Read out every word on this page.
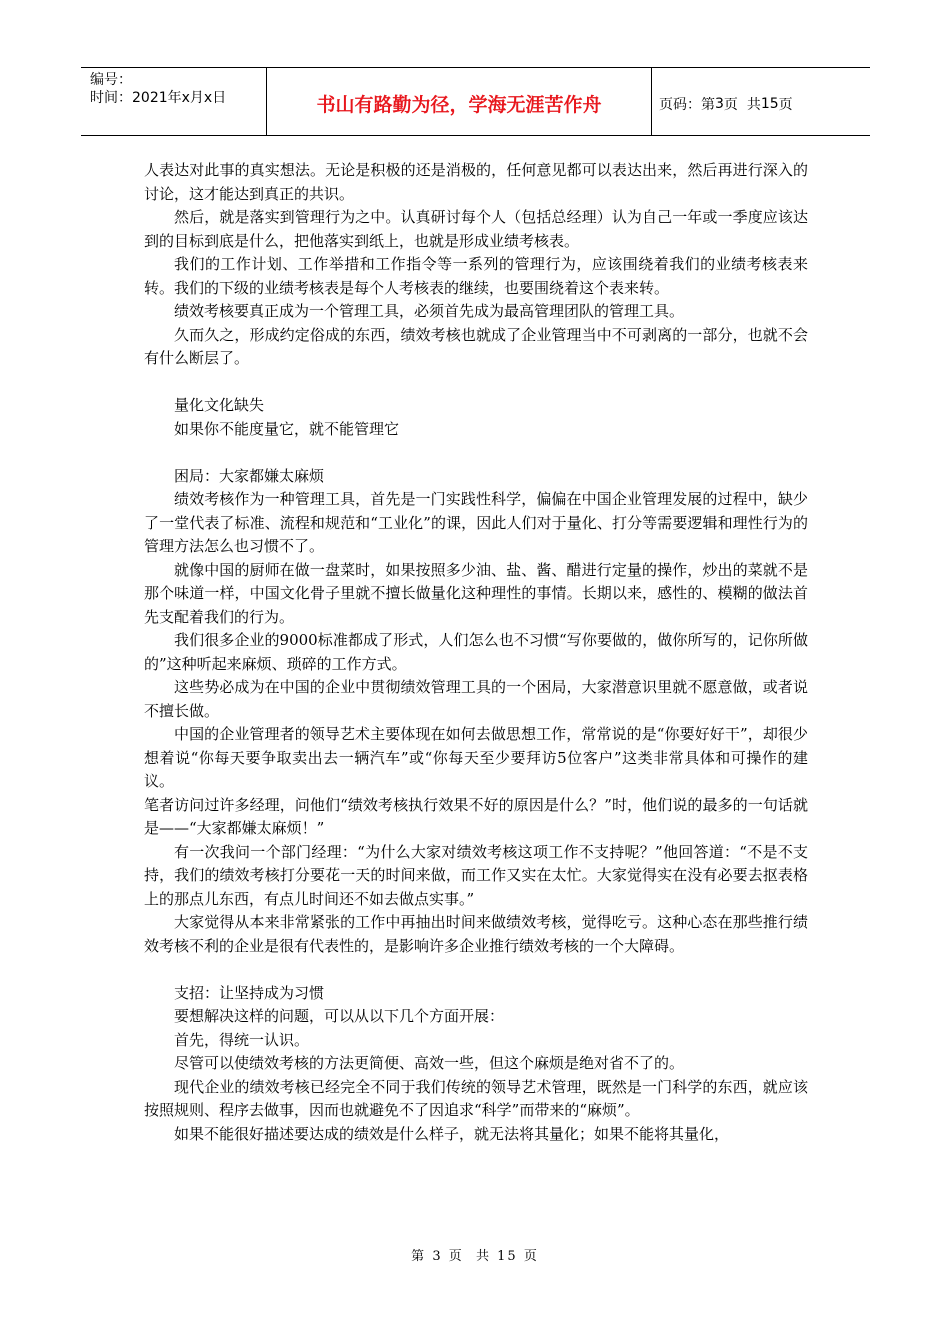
编号：
时间：2021年x月x日	书山有路勤为径，学海无涯苦作舟	页码：第 3 页  共 15 页

人表达对此事的真实想法。无论是积极的还是消极的，任何意见都可以表达出来，然后再进行深入的讨论，这才能达到真正的共识。

然后，就是落实到管理行为之中。认真研讨每个人（包括总经理）认为自己一年或一季度应该达到的目标到底是什么，把他落实到纸上，也就是形成业绩考核表。

我们的工作计划、工作举措和工作指令等一系列的管理行为，应该围绕着我们的业绩考核表来转。我们的下级的业绩考核表是每个人考核表的继续，也要围绕着这个表来转。

绩效考核要真正成为一个管理工具，必须首先成为最高管理团队的管理工具。

久而久之，形成约定俗成的东西，绩效考核也就成了企业管理当中不可剥离的一部分，也就不会有什么断层了。

量化文化缺失

如果你不能度量它，就不能管理它

困局：大家都嫌太麻烦

绩效考核作为一种管理工具，首先是一门实践性科学，偏偏在中国企业管理发展的过程中，缺少了一堂代表了标准、流程和规范和“工业化”的课，因此人们对于量化、打分等需要逻辑和理性行为的管理方法怎么也习惯不了。

就像中国的厨师在做一盘菜时，如果按照多少油、盐、酱、醋进行定量的操作，炒出的菜就不是那个味道一样，中国文化骨子里就不擅长做量化这种理性的事情。长期以来，感性的、模糊的做法首先支配着我们的行为。

我们很多企业的9000标准都成了形式，人们怎么也不习惯“写你要做的，做你所写的，记你所做的”这种听起来麻烦、琐碎的工作方式。

这些势必成为在中国的企业中贯彻绩效管理工具的一个困局，大家潜意识里就不愿意做，或者说不擅长做。

中国的企业管理者的领导艺术主要体现在如何去做思想工作，常常说的是“你要好好干”，却很少想着说“你每天要争取卖出去一辆汽车”或“你每天至少要拜访5位客户”这类非常具体和可操作的建议。

笔者访问过许多经理，问他们“绩效考核执行效果不好的原因是什么？”时，他们说的最多的一句话就是——“大家都嫌太麻烦！”

有一次我问一个部门经理：“为什么大家对绩效考核这项工作不支持呢？”他回答道：“不是不支持，我们的绩效考核打分要花一天的时间来做，而工作又实在太忙。大家觉得实在没有必要去抠表格上的那点儿东西，有点儿时间还不如去做点实事。”

大家觉得从本来非常紧张的工作中再抽出时间来做绩效考核，觉得吃亏。这种心态在那些推行绩效考核不利的企业是很有代表性的，是影响许多企业推行绩效考核的一个大障碍。

支招：让坚持成为习惯

要想解决这样的问题，可以从以下几个方面开展：

首先，得统一认识。

尽管可以使绩效考核的方法更简便、高效一些，但这个麻烦是绝对省不了的。

现代企业的绩效考核已经完全不同于我们传统的领导艺术管理，既然是一门科学的东西，就应该按照规则、程序去做事，因而也就避免不了因追求“科学”而带来的“麻烦”。

如果不能很好描述要达成的绩效是什么样子，就无法将其量化；如果不能将其量化，

第 3 页  共 15 页
